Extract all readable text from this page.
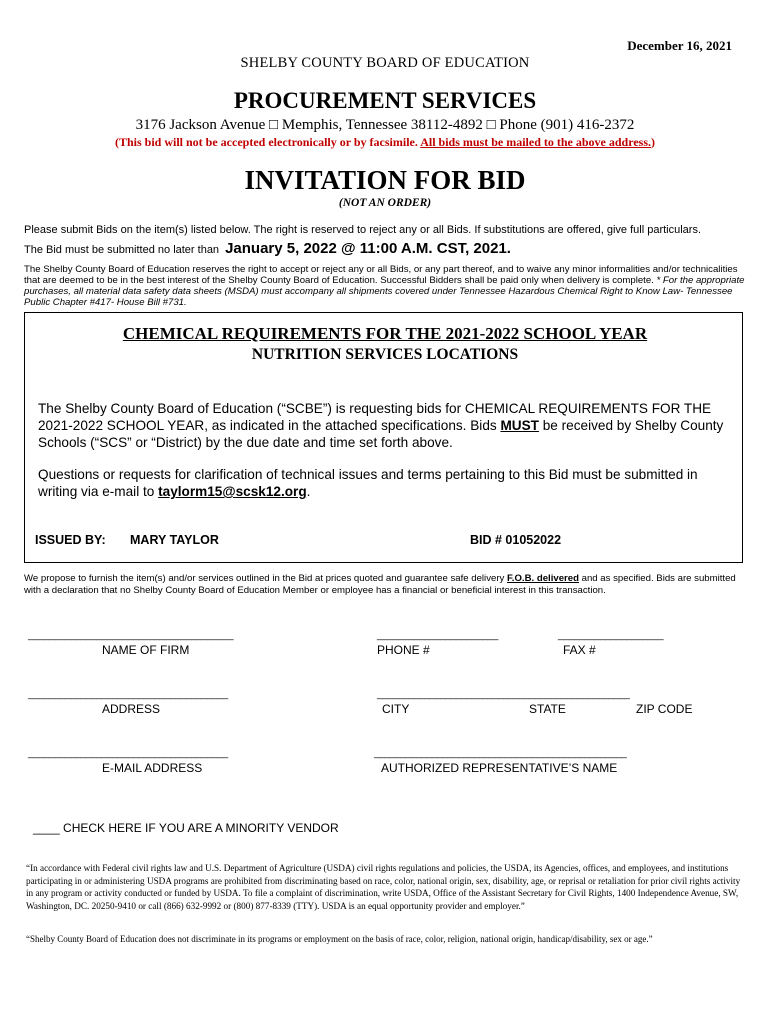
December 16, 2021
SHELBY COUNTY BOARD OF EDUCATION
PROCUREMENT SERVICES
3176 Jackson Avenue □ Memphis, Tennessee 38112-4892 □ Phone (901) 416-2372
(This bid will not be accepted electronically or by facsimile. All bids must be mailed to the above address.)
INVITATION FOR BID
(NOT AN ORDER)
Please submit Bids on the item(s) listed below. The right is reserved to reject any or all Bids. If substitutions are offered, give full particulars.
The Bid must be submitted no later than January 5, 2022 @ 11:00 A.M. CST, 2021.
The Shelby County Board of Education reserves the right to accept or reject any or all Bids, or any part thereof, and to waive any minor informalities and/or technicalities that are deemed to be in the best interest of the Shelby County Board of Education. Successful Bidders shall be paid only when delivery is complete. * For the appropriate purchases, all material data safety data sheets (MSDA) must accompany all shipments covered under Tennessee Hazardous Chemical Right to Know Law- Tennessee Public Chapter #417- House Bill #731.
CHEMICAL REQUIREMENTS FOR THE 2021-2022 SCHOOL YEAR
NUTRITION SERVICES LOCATIONS
The Shelby County Board of Education (“SCBE”) is requesting bids for CHEMICAL REQUIREMENTS FOR THE 2021-2022 SCHOOL YEAR, as indicated in the attached specifications. Bids MUST be received by Shelby County Schools (“SCS” or “District) by the due date and time set forth above.
Questions or requests for clarification of technical issues and terms pertaining to this Bid must be submitted in writing via e-mail to taylorm15@scsk12.org.
ISSUED BY: MARY TAYLOR	BID # 01052022
We propose to furnish the item(s) and/or services outlined in the Bid at prices quoted and guarantee safe delivery F.O.B. delivered and as specified. Bids are submitted with a declaration that no Shelby County Board of Education Member or employee has a financial or beneficial interest in this transaction.
_______________________________________
NAME OF FIRM
_______________________
PHONE #
____________________
FAX #
______________________________________
ADDRESS
________________________________________________
CITY	STATE	ZIP CODE
______________________________________
E-MAIL ADDRESS
________________________________________________
AUTHORIZED REPRESENTATIVE’S NAME
____ CHECK HERE IF YOU ARE A MINORITY VENDOR
“In accordance with Federal civil rights law and U.S. Department of Agriculture (USDA) civil rights regulations and policies, the USDA, its Agencies, offices, and employees, and institutions participating in or administering USDA programs are prohibited from discriminating based on race, color, national origin, sex, disability, age, or reprisal or retaliation for prior civil rights activity in any program or activity conducted or funded by USDA. To file a complaint of discrimination, write USDA, Office of the Assistant Secretary for Civil Rights, 1400 Independence Avenue, SW, Washington, DC. 20250-9410 or call (866) 632-9992 or (800) 877-8339 (TTY). USDA is an equal opportunity provider and employer.”
“Shelby County Board of Education does not discriminate in its programs or employment on the basis of race, color, religion, national origin, handicap/disability, sex or age.”
